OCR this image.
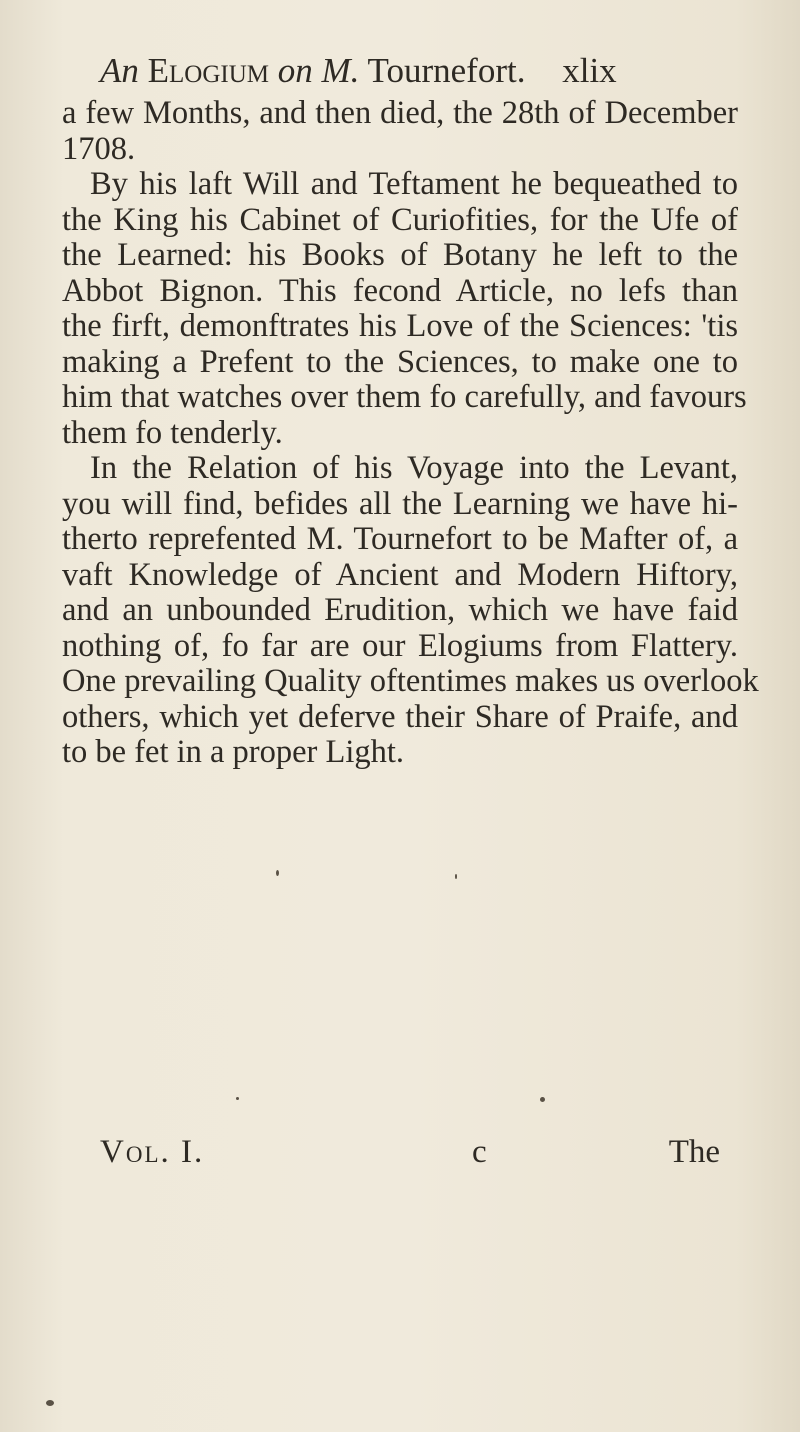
An Elogium on M. Tournefort. xlix

a few Months, and then died, the 28th of December
1708.

By his laft Will and Teftament he bequeathed to
the King his Cabinet of Curiofities, for the Ufe of
the Learned: his Books of Botany he left to the
Abbot Bignon. This fecond Article, no lefs than
the firft, demonftrates his Love of the Sciences: 'tis
making a Prefent to the Sciences, to make one to
him that watches over them fo carefully, and favours
them fo tenderly.

In the Relation of his Voyage into the Levant,
you will find, befides all the Learning we have hi-
therto reprefented M. Tournefort to be Mafter of, a
vaft Knowledge of Ancient and Modern Hiftory,
and an unbounded Erudition, which we have faid
nothing of, fo far are our Elogiums from Flattery.
One prevailing Quality oftentimes makes us overlook
others, which yet deferve their Share of Praife, and
to be fet in a proper Light.

Vol. I.	c	The
